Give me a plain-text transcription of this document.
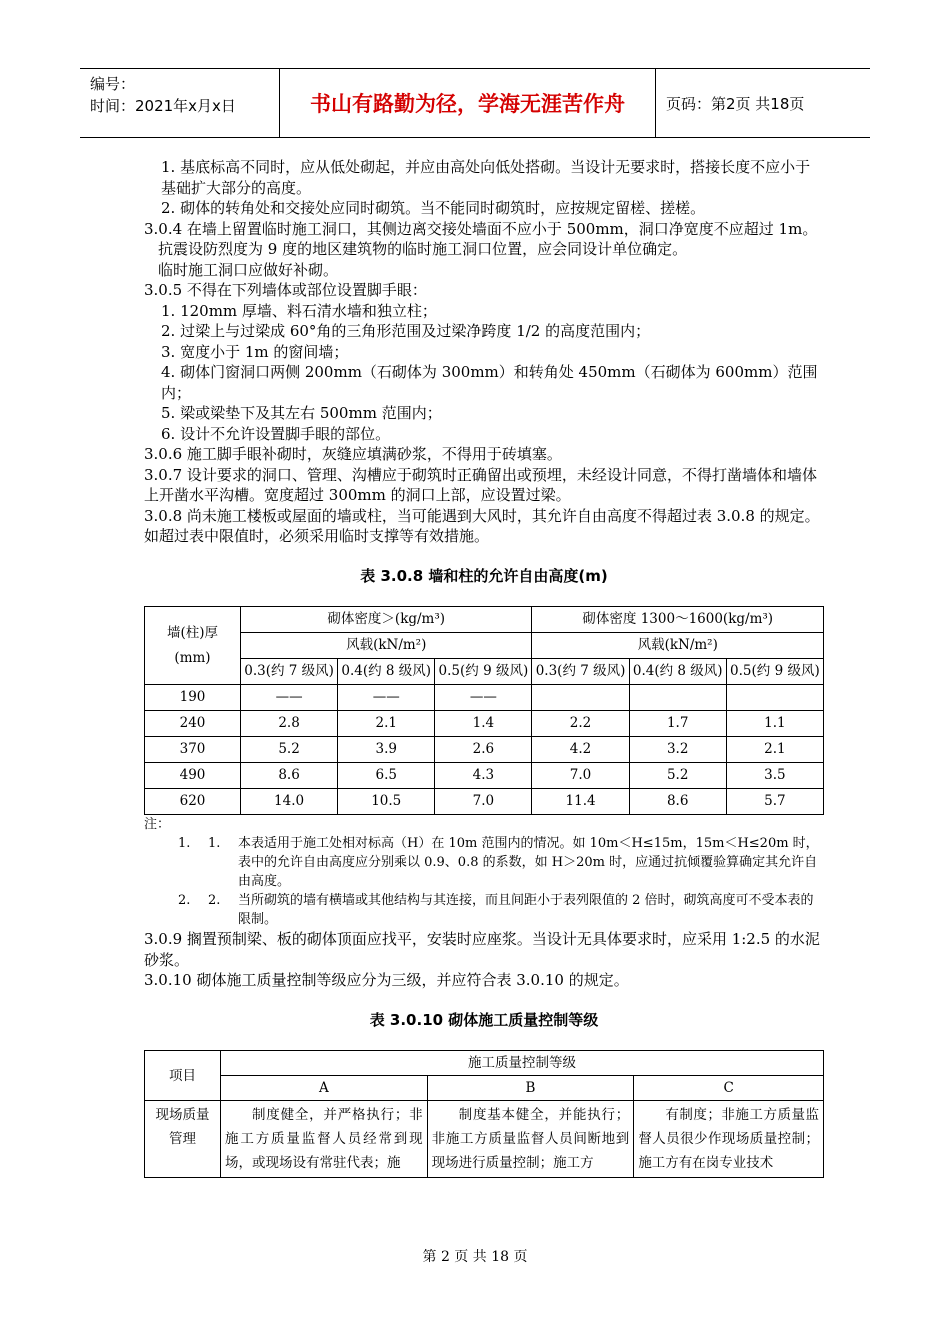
编号：
时间：2021年x月x日	书山有路勤为径，学海无涯苦作舟	页码：第2页 共18页

1. 基底标高不同时，应从低处砌起，并应由高处向低处搭砌。当设计无要求时，搭接长度不应小于基础扩大部分的高度。

2. 砌体的转角处和交接处应同时砌筑。当不能同时砌筑时，应按规定留槎、搓槎。

3.0.4 在墙上留置临时施工洞口，其侧边离交接处墙面不应小于 500mm，洞口净宽度不应超过 1m。

抗震设防烈度为 9 度的地区建筑物的临时施工洞口位置，应会同设计单位确定。

临时施工洞口应做好补砌。

3.0.5 不得在下列墙体或部位设置脚手眼：

1. 120mm 厚墙、料石清水墙和独立柱；

2. 过梁上与过梁成 60°角的三角形范围及过梁净跨度 1/2 的高度范围内；

3. 宽度小于 1m 的窗间墙；

4. 砌体门窗洞口两侧 200mm（石砌体为 300mm）和转角处 450mm（石砌体为 600mm）范围内；

5. 梁或梁垫下及其左右 500mm 范围内；

6. 设计不允许设置脚手眼的部位。

3.0.6 施工脚手眼补砌时，灰缝应填满砂浆，不得用于砖填塞。

3.0.7 设计要求的洞口、管理、沟槽应于砌筑时正确留出或预埋，未经设计同意，不得打凿墙体和墙体上开凿水平沟槽。宽度超过 300mm 的洞口上部，应设置过梁。

3.0.8 尚未施工楼板或屋面的墙或柱，当可能遇到大风时，其允许自由高度不得超过表 3.0.8 的规定。如超过表中限值时，必须采用临时支撑等有效措施。

表 3.0.8 墙和柱的允许自由高度(m)
墙(柱)厚
(mm)	砌体密度＞(kg/m³)			砌体密度 1300～1600(kg/m³)		
	风载(kN/m²)			风载(kN/m²)		
	0.3(约 7 级风)	0.4(约 8 级风)	0.5(约 9 级风)	0.3(约 7 级风)	0.4(约 8 级风)	0.5(约 9 级风)

190	——	——	——			
240	2.8	2.1	1.4	2.2	1.7	1.1
370	5.2	3.9	2.6	4.2	3.2	2.1
490	8.6	6.5	4.3	7.0	5.2	3.5
620	14.0	10.5	7.0	11.4	8.6	5.7
注：
1.	1.	本表适用于施工处相对标高（H）在 10m 范围内的情况。如 10m＜H≤15m，15m＜H≤20m 时，表中的允许自由高度应分别乘以 0.9、0.8 的系数，如 H＞20m 时，应通过抗倾覆验算确定其允许自由高度。
2.	2.	当所砌筑的墙有横墙或其他结构与其连接，而且间距小于表列限值的 2 倍时，砌筑高度可不受本表的限制。

3.0.9 搁置预制梁、板的砌体顶面应找平，安装时应座浆。当设计无具体要求时，应采用 1:2.5 的水泥砂浆。

3.0.10 砌体施工质量控制等级应分为三级，并应符合表 3.0.10 的规定。

表 3.0.10 砌体施工质量控制等级
项目	施工质量控制等级		
	A	B	C
现场质量管理	制度健全，并严格执行；非施工方质量监督人员经常到现场，或现场设有常驻代表；施	制度基本健全，并能执行；非施工方质量监督人员间断地到现场进行质量控制；施工方	有制度；非施工方质量监督人员很少作现场质量控制；施工方有在岗专业技术
第 2 页 共 18 页
